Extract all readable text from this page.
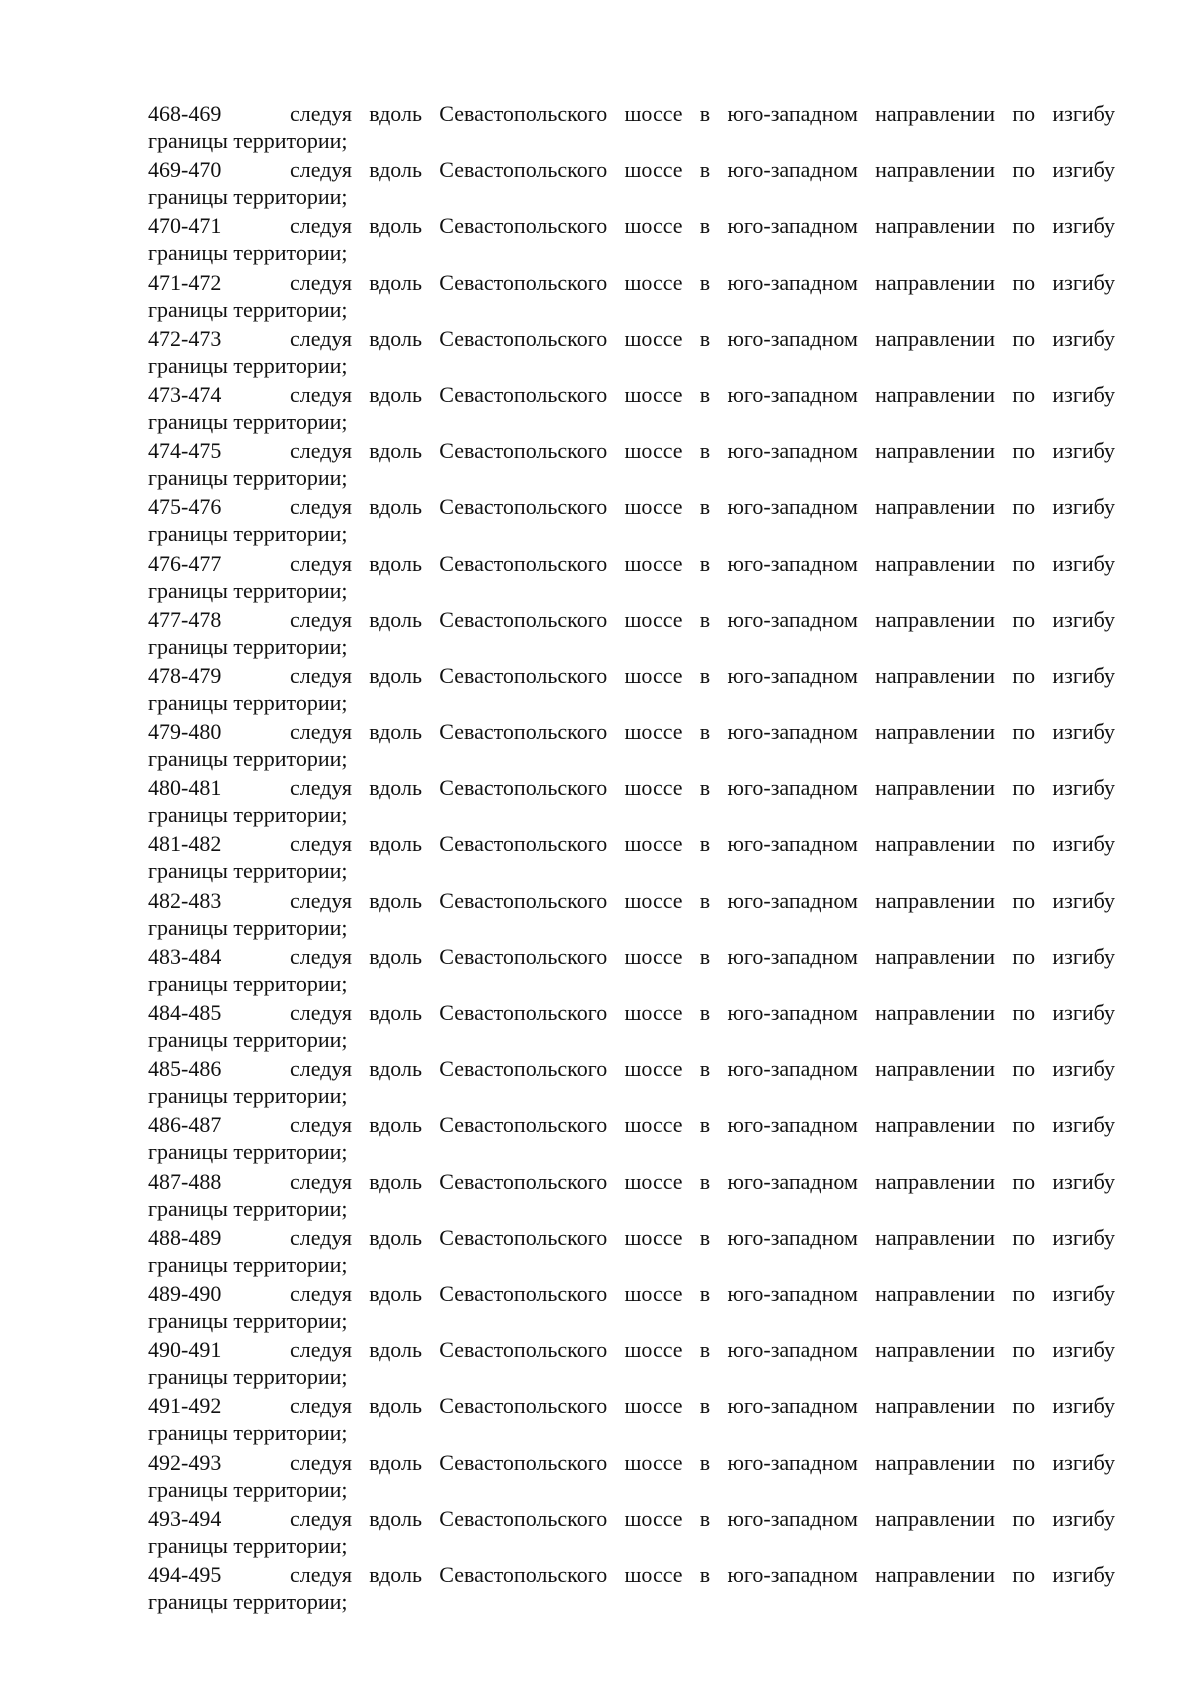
468-469	следуя вдоль Севастопольского шоссе в юго-западном направлении по изгибу
границы территории;
469-470	следуя вдоль Севастопольского шоссе в юго-западном направлении по изгибу
границы территории;
470-471	следуя вдоль Севастопольского шоссе в юго-западном направлении по изгибу
границы территории;
471-472	следуя вдоль Севастопольского шоссе в юго-западном направлении по изгибу
границы территории;
472-473	следуя вдоль Севастопольского шоссе в юго-западном направлении по изгибу
границы территории;
473-474	следуя вдоль Севастопольского шоссе в юго-западном направлении по изгибу
границы территории;
474-475	следуя вдоль Севастопольского шоссе в юго-западном направлении по изгибу
границы территории;
475-476	следуя вдоль Севастопольского шоссе в юго-западном направлении по изгибу
границы территории;
476-477	следуя вдоль Севастопольского шоссе в юго-западном направлении по изгибу
границы территории;
477-478	следуя вдоль Севастопольского шоссе в юго-западном направлении по изгибу
границы территории;
478-479	следуя вдоль Севастопольского шоссе в юго-западном направлении по изгибу
границы территории;
479-480	следуя вдоль Севастопольского шоссе в юго-западном направлении по изгибу
границы территории;
480-481	следуя вдоль Севастопольского шоссе в юго-западном направлении по изгибу
границы территории;
481-482	следуя вдоль Севастопольского шоссе в юго-западном направлении по изгибу
границы территории;
482-483	следуя вдоль Севастопольского шоссе в юго-западном направлении по изгибу
границы территории;
483-484	следуя вдоль Севастопольского шоссе в юго-западном направлении по изгибу
границы территории;
484-485	следуя вдоль Севастопольского шоссе в юго-западном направлении по изгибу
границы территории;
485-486	следуя вдоль Севастопольского шоссе в юго-западном направлении по изгибу
границы территории;
486-487	следуя вдоль Севастопольского шоссе в юго-западном направлении по изгибу
границы территории;
487-488	следуя вдоль Севастопольского шоссе в юго-западном направлении по изгибу
границы территории;
488-489	следуя вдоль Севастопольского шоссе в юго-западном направлении по изгибу
границы территории;
489-490	следуя вдоль Севастопольского шоссе в юго-западном направлении по изгибу
границы территории;
490-491	следуя вдоль Севастопольского шоссе в юго-западном направлении по изгибу
границы территории;
491-492	следуя вдоль Севастопольского шоссе в юго-западном направлении по изгибу
границы территории;
492-493	следуя вдоль Севастопольского шоссе в юго-западном направлении по изгибу
границы территории;
493-494	следуя вдоль Севастопольского шоссе в юго-западном направлении по изгибу
границы территории;
494-495	следуя вдоль Севастопольского шоссе в юго-западном направлении по изгибу
границы территории;
